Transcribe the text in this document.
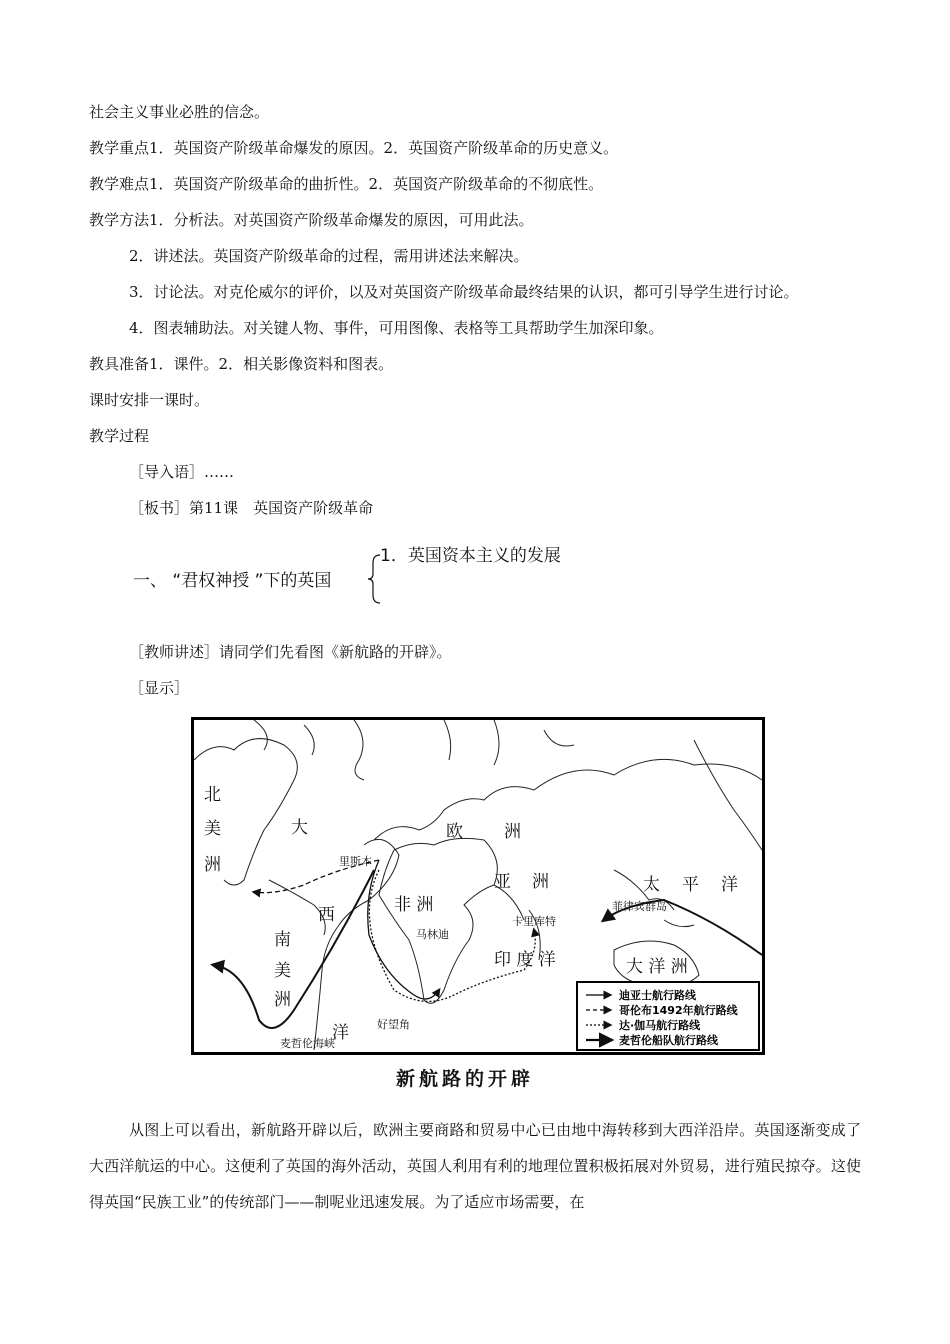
社会主义事业必胜的信念。
教学重点1．英国资产阶级革命爆发的原因。2．英国资产阶级革命的历史意义。
教学难点1．英国资产阶级革命的曲折性。2．英国资产阶级革命的不彻底性。
教学方法1．分析法。对英国资产阶级革命爆发的原因，可用此法。
2．讲述法。英国资产阶级革命的过程，需用讲述法来解决。
3．讨论法。对克伦威尔的评价，以及对英国资产阶级革命最终结果的认识，都可引导学生进行讨论。
4．图表辅助法。对关键人物、事件，可用图像、表格等工具帮助学生加深印象。
教具准备1．课件。2．相关影像资料和图表。
课时安排一课时。
教学过程
［导入语］……
［板书］第11课　英国资产阶级革命
一、 “君权神授 ”下的英国
1．英国资本主义的发展
［教师讲述］请同学们先看图《新航路的开辟》。
［显示］
北
美
洲
大
西
洋
欧 洲
亚 洲
非 洲
南
美
洲
太 平 洋
印 度 洋	大 洋 洲
里斯本
马林迪
卡里库特
菲律宾群岛
好望角
麦哲伦海峡
迪亚士航行路线
哥伦布1492年航行路线
达·伽马航行路线
麦哲伦船队航行路线
新航路的开辟
从图上可以看出，新航路开辟以后，欧洲主要商路和贸易中心已由地中海转移到大西洋沿岸。英国逐渐变成了大西洋航运的中心。这便利了英国的海外活动，英国人利用有利的地理位置积极拓展对外贸易，进行殖民掠夺。这使得英国“民族工业”的传统部门——制呢业迅速发展。为了适应市场需要，在
